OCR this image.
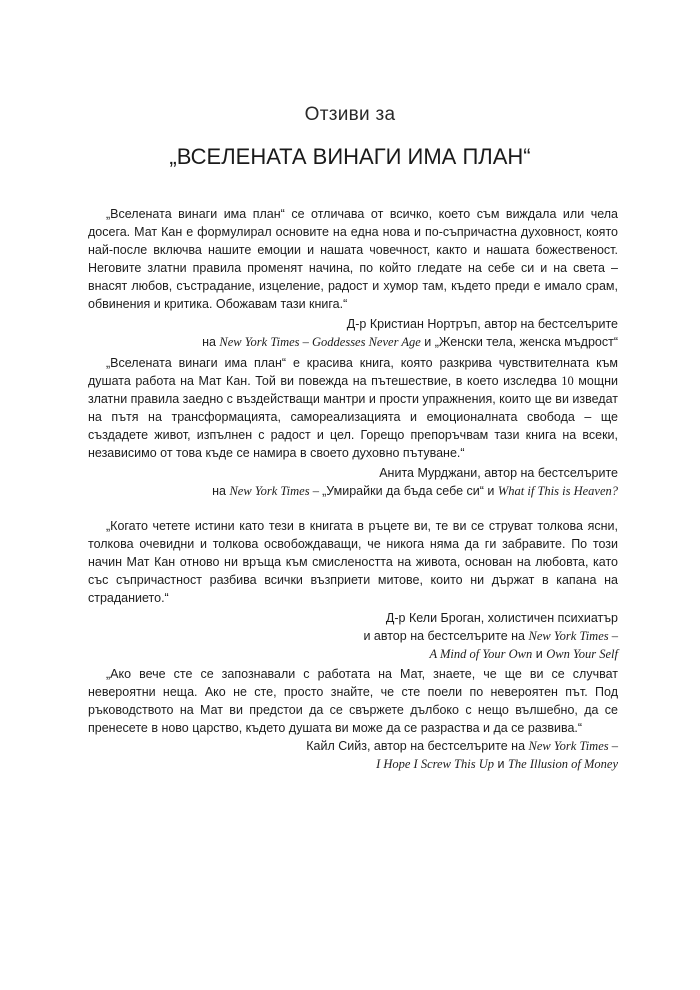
Отзиви за
„ВСЕЛЕНАТА ВИНАГИ ИМА ПЛАН“

„Вселената винаги има план“ се отличава от всичко, което съм виждала или чела досега. Мат Кан е формулирал основите на една нова и по-съпричастна духовност, която най-после включва нашите емоции и нашата човечност, както и нашата божественост. Неговите златни правила променят начина, по който гледате на себе си и на света – внасят любов, състрадание, изцеление, радост и хумор там, където преди е имало срам, обвинения и критика. Обожавам тази книга.“

Д-р Кристиан Нортръп, автор на бестселърите

на New York Times – Goddesses Never Age и „Женски тела, женска мъдрост“

„Вселената винаги има план“ е красива книга, която разкрива чувствителната към душата работа на Мат Кан. Той ви повежда на пътешествие, в което изследва 10 мощни златни правила заедно с въздействащи мантри и прости упражнения, които ще ви изведат на пътя на трансформацията, самореализацията и емоционалната свобода – ще създадете живот, изпълнен с радост и цел. Горещо препоръчвам тази книга на всеки, независимо от това къде се намира в своето духовно пътуване.“

Анита Мурджани, автор на бестселърите

на New York Times – „Умирайки да бъда себе си“ и What if This is Heaven?

„Когато четете истини като тези в книгата в ръцете ви, те ви се струват толкова ясни, толкова очевидни и толкова освобождаващи, че никога няма да ги забравите. По този начин Мат Кан отново ни връща към смислеността на живота, основан на любовта, като със съпричастност разбива всички възприети митове, които ни държат в капана на страданието.“

Д-р Кели Броган, холистичен психиатър

и автор на бестселърите на New York Times –

A Mind of Your Own и Own Your Self

„Ако вече сте се запознавали с работата на Мат, знаете, че ще ви се случват невероятни неща. Ако не сте, просто знайте, че сте поели по невероятен път. Под ръководството на Мат ви предстои да се свържете дълбоко с нещо вълшебно, да се пренесете в ново царство, където душата ви може да се разраства и да се развива.“

Кайл Сийз, автор на бестселърите на New York Times –

I Hope I Screw This Up и The Illusion of Money
